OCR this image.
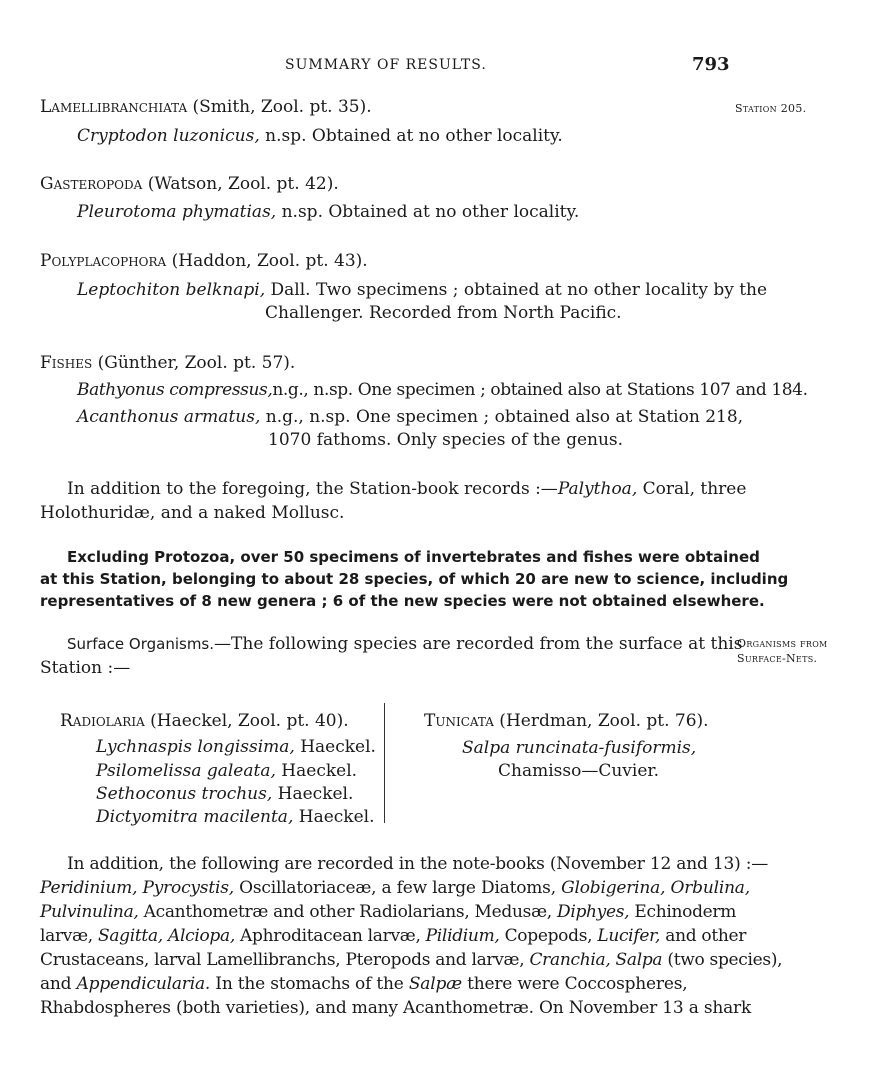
SUMMARY OF RESULTS.	793
Station 205.
Organisms from
Surface-Nets.
Lamellibranchiata (Smith, Zool. pt. 35).
Cryptodon luzonicus, n.sp. Obtained at no other locality.
Gasteropoda (Watson, Zool. pt. 42).
Pleurotoma phymatias, n.sp. Obtained at no other locality.
Polyplacophora (Haddon, Zool. pt. 43).
Leptochiton belknapi, Dall. Two specimens ; obtained at no other locality by the
Challenger. Recorded from North Pacific.
Fishes (Günther, Zool. pt. 57).
Bathyonus compressus,n.g., n.sp. One specimen ; obtained also at Stations 107 and 184.
Acanthonus armatus, n.g., n.sp. One specimen ; obtained also at Station 218,
1070 fathoms. Only species of the genus.
In addition to the foregoing, the Station-book records :—Palythoa, Coral, three
Holothuridæ, and a naked Mollusc.
Excluding Protozoa, over 50 specimens of invertebrates and fishes were obtained
at this Station, belonging to about 28 species, of which 20 are new to science, including
representatives of 8 new genera ; 6 of the new species were not obtained elsewhere.
Surface Organisms.—The following species are recorded from the surface at this
Station :—
Radiolaria (Haeckel, Zool. pt. 40).
Lychnaspis longissima, Haeckel.
Psilomelissa galeata, Haeckel.
Sethoconus trochus, Haeckel.
Dictyomitra macilenta, Haeckel.
Tunicata (Herdman, Zool. pt. 76).
Salpa runcinata-fusiformis,
Chamisso—Cuvier.
In addition, the following are recorded in the note-books (November 12 and 13) :—
Peridinium, Pyrocystis, Oscillatoriaceæ, a few large Diatoms, Globigerina, Orbulina,
Pulvinulina, Acanthometræ and other Radiolarians, Medusæ, Diphyes, Echinoderm
larvæ, Sagitta, Alciopa, Aphroditacean larvæ, Pilidium, Copepods, Lucifer, and other
Crustaceans, larval Lamellibranchs, Pteropods and larvæ, Cranchia, Salpa (two species),
and Appendicularia. In the stomachs of the Salpæ there were Coccospheres,
Rhabdospheres (both varieties), and many Acanthometræ. On November 13 a shark
